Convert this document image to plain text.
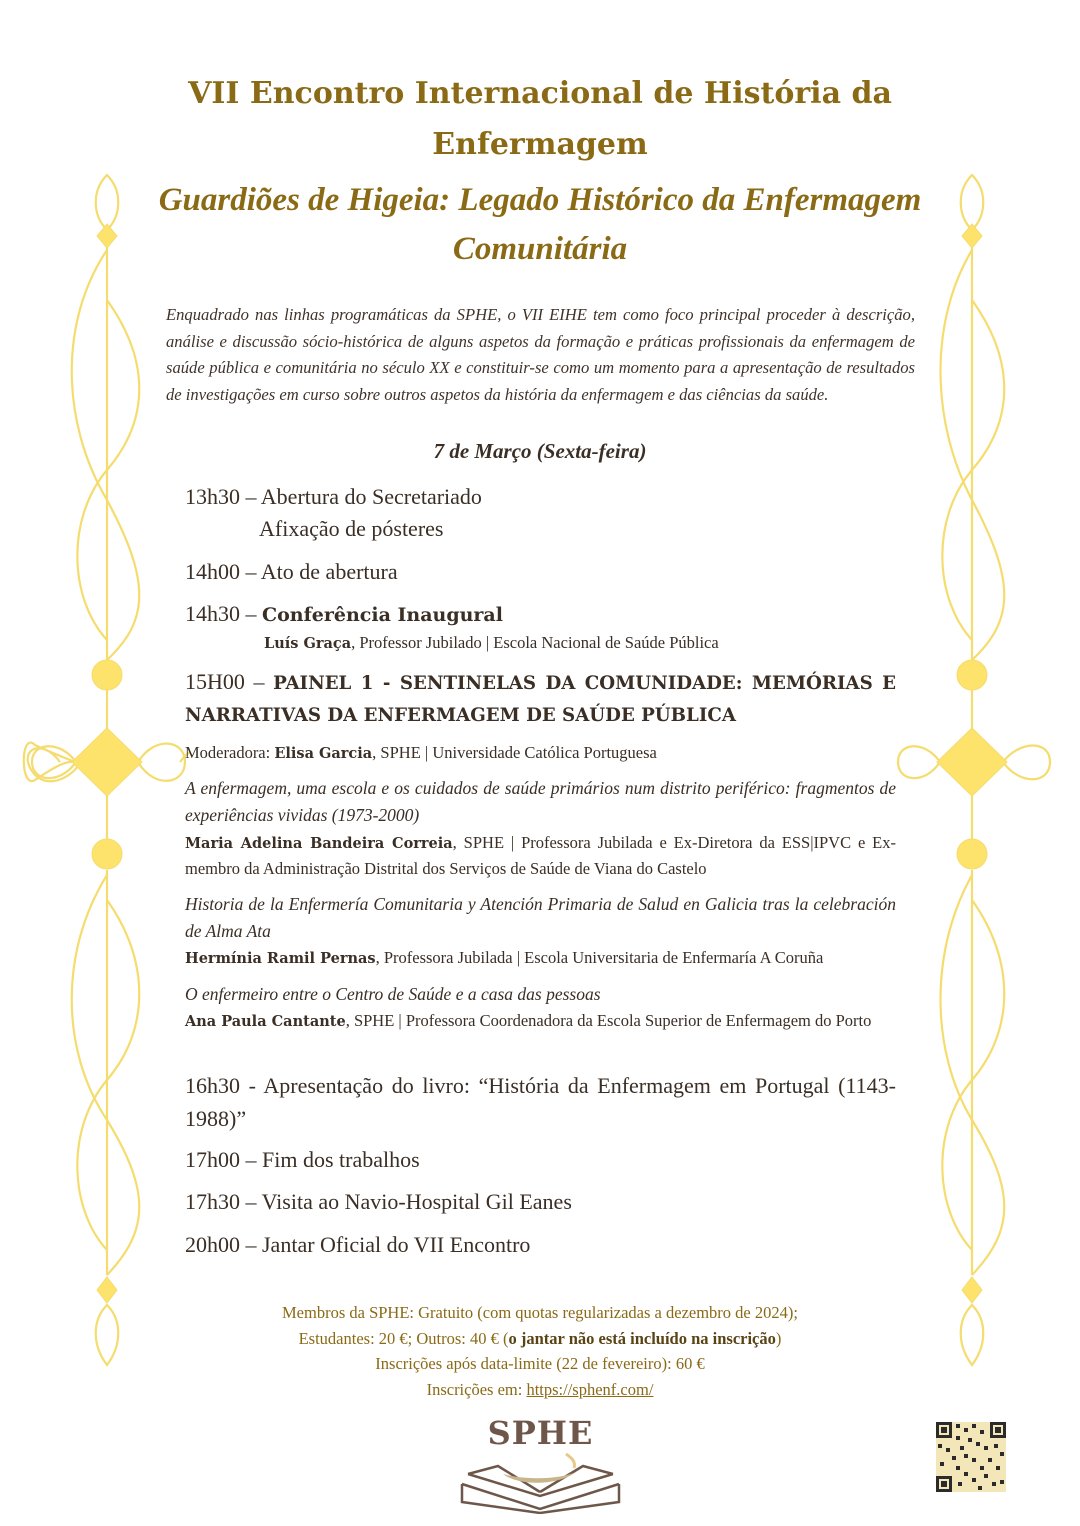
VII Encontro Internacional de História da
Enfermagem
Guardiões de Higeia: Legado Histórico da Enfermagem
Comunitária

Enquadrado nas linhas programáticas da SPHE, o VII EIHE tem como foco principal proceder à descrição, análise e discussão sócio-histórica de alguns aspetos da formação e práticas profissionais da enfermagem de saúde pública e comunitária no século XX e constituir-se como um momento para a apresentação de resultados de investigações em curso sobre outros aspetos da história da enfermagem e das ciências da saúde.

7 de Março (Sexta-feira)

13h30 – Abertura do Secretariado
Afixação de pósteres
14h00 – Ato de abertura
14h30 – Conferência Inaugural
Luís Graça, Professor Jubilado | Escola Nacional de Saúde Pública
15H00 – PAINEL 1 - SENTINELAS DA COMUNIDADE: MEMÓRIAS E NARRATIVAS DA ENFERMAGEM DE SAÚDE PÚBLICA
Moderadora: Elisa Garcia, SPHE | Universidade Católica Portuguesa
A enfermagem, uma escola e os cuidados de saúde primários num distrito periférico: fragmentos de experiências vividas (1973-2000)
Maria Adelina Bandeira Correia, SPHE | Professora Jubilada e Ex-Diretora da ESS|IPVC e Ex-membro da Administração Distrital dos Serviços de Saúde de Viana do Castelo
Historia de la Enfermería Comunitaria y Atención Primaria de Salud en Galicia tras la celebración de Alma Ata
Hermínia Ramil Pernas, Professora Jubilada | Escola Universitaria de Enfermaría A Coruña
O enfermeiro entre o Centro de Saúde e a casa das pessoas
Ana Paula Cantante, SPHE | Professora Coordenadora da Escola Superior de Enfermagem do Porto
16h30 - Apresentação do livro: “História da Enfermagem em Portugal (1143-1988)”
17h00 – Fim dos trabalhos
17h30 – Visita ao Navio-Hospital Gil Eanes
20h00 – Jantar Oficial do VII Encontro
Membros da SPHE: Gratuito (com quotas regularizadas a dezembro de 2024);
Estudantes: 20 €; Outros: 40 € (o jantar não está incluído na inscrição)
Inscrições após data-limite (22 de fevereiro): 60 €
Inscrições em: https://sphenf.com/
SPHE
